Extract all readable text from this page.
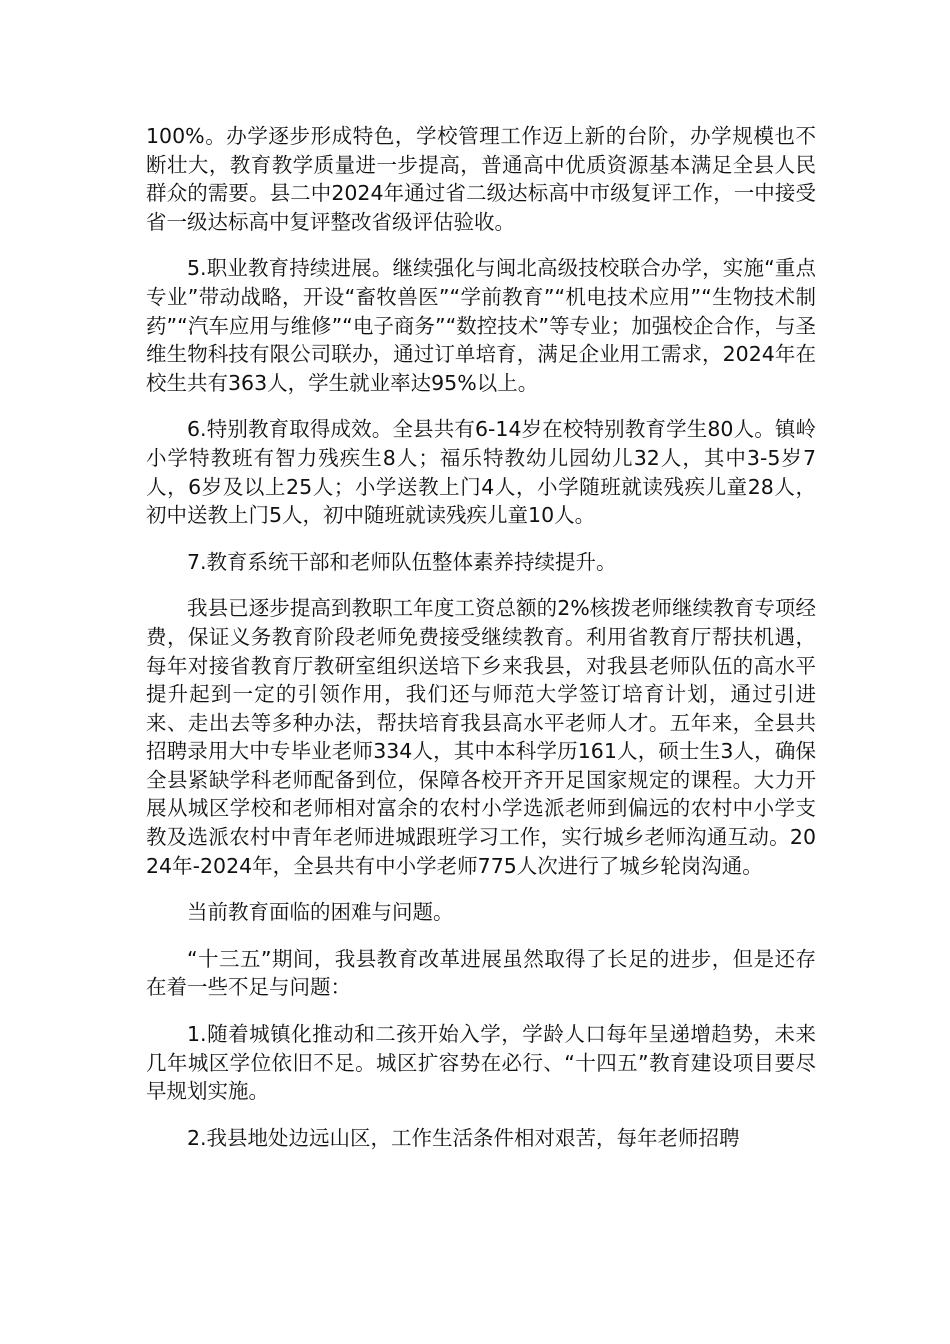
100%。办学逐步形成特色，学校管理工作迈上新的台阶，办学规模也不断壮大，教育教学质量进一步提高，普通高中优质资源基本满足全县人民群众的需要。县二中2024年通过省二级达标高中市级复评工作，一中接受省一级达标高中复评整改省级评估验收。

5.职业教育持续进展。继续强化与闽北高级技校联合办学，实施“重点专业”带动战略，开设“畜牧兽医”“学前教育”“机电技术应用”“生物技术制药”“汽车应用与维修”“电子商务”“数控技术”等专业；加强校企合作，与圣维生物科技有限公司联办，通过订单培育，满足企业用工需求，2024年在校生共有363人，学生就业率达95%以上。

6.特别教育取得成效。全县共有6-14岁在校特别教育学生80人。镇岭小学特教班有智力残疾生8人；福乐特教幼儿园幼儿32人，其中3-5岁7人，6岁及以上25人；小学送教上门4人，小学随班就读残疾儿童28人，初中送教上门5人，初中随班就读残疾儿童10人。

7.教育系统干部和老师队伍整体素养持续提升。

我县已逐步提高到教职工年度工资总额的2%核拨老师继续教育专项经费，保证义务教育阶段老师免费接受继续教育。利用省教育厅帮扶机遇，每年对接省教育厅教研室组织送培下乡来我县，对我县老师队伍的高水平提升起到一定的引领作用，我们还与师范大学签订培育计划，通过引进来、走出去等多种办法，帮扶培育我县高水平老师人才。五年来，全县共招聘录用大中专毕业老师334人，其中本科学历161人，硕士生3人，确保全县紧缺学科老师配备到位，保障各校开齐开足国家规定的课程。大力开展从城区学校和老师相对富余的农村小学选派老师到偏远的农村中小学支教及选派农村中青年老师进城跟班学习工作，实行城乡老师沟通互动。2024年-2024年，全县共有中小学老师775人次进行了城乡轮岗沟通。

当前教育面临的困难与问题。

“十三五”期间，我县教育改革进展虽然取得了长足的进步，但是还存在着一些不足与问题：

1.随着城镇化推动和二孩开始入学，学龄人口每年呈递增趋势，未来几年城区学位依旧不足。城区扩容势在必行、“十四五”教育建设项目要尽早规划实施。

2.我县地处边远山区，工作生活条件相对艰苦，每年老师招聘
